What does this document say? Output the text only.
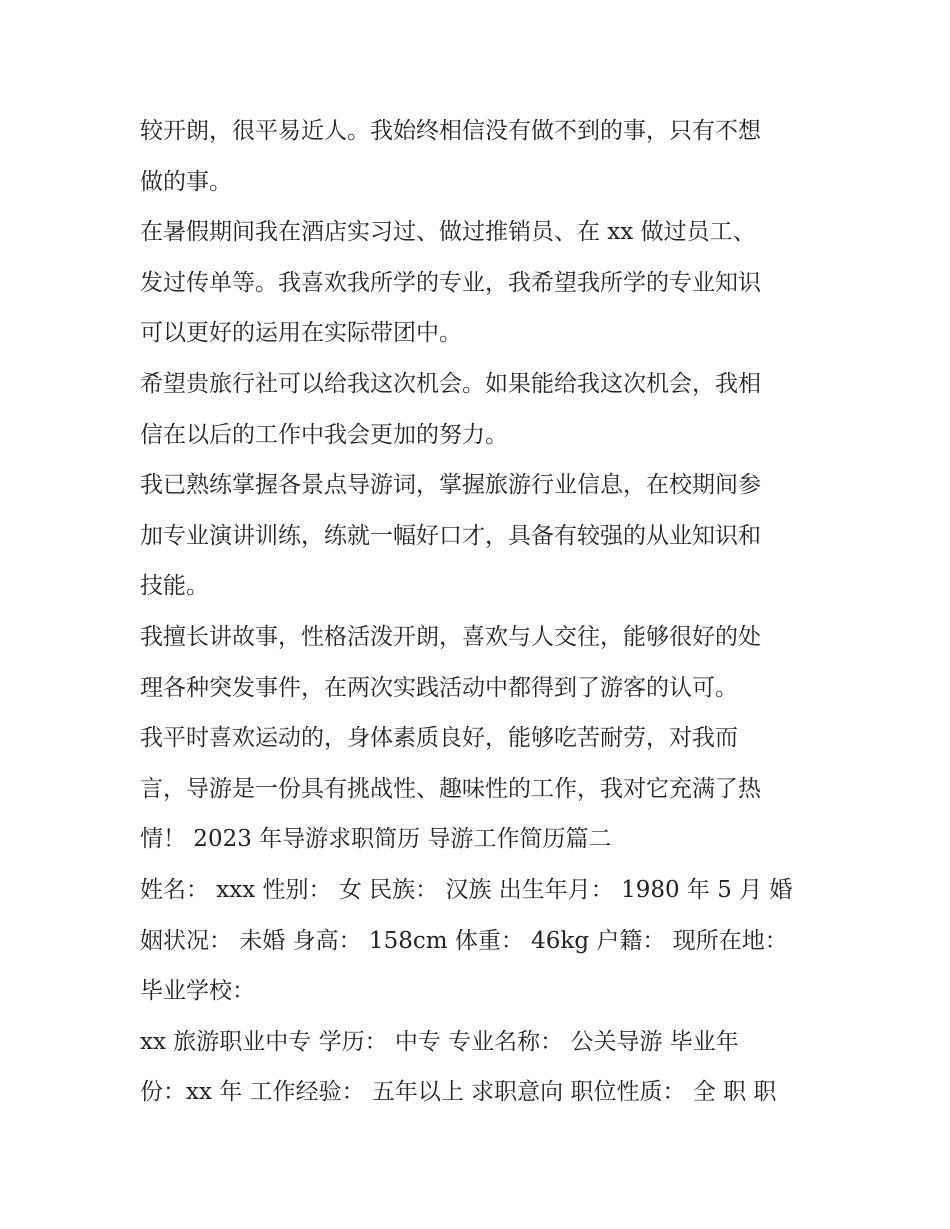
较开朗，很平易近人。我始终相信没有做不到的事，只有不想
做的事。
在暑假期间我在酒店实习过、做过推销员、在 xx 做过员工、
发过传单等。我喜欢我所学的专业，我希望我所学的专业知识
可以更好的运用在实际带团中。
希望贵旅行社可以给我这次机会。如果能给我这次机会，我相
信在以后的工作中我会更加的努力。
我已熟练掌握各景点导游词，掌握旅游行业信息，在校期间参
加专业演讲训练，练就一幅好口才，具备有较强的从业知识和
技能。
我擅长讲故事，性格活泼开朗，喜欢与人交往，能够很好的处
理各种突发事件，在两次实践活动中都得到了游客的认可。
我平时喜欢运动的，身体素质良好，能够吃苦耐劳，对我而
言，导游是一份具有挑战性、趣味性的工作，我对它充满了热
情！ 2023 年导游求职简历 导游工作简历篇二
姓名： xxx 性别： 女 民族： 汉族 出生年月： 1980 年 5 月 婚
姻状况： 未婚 身高： 158cm 体重： 46kg 户籍： 现所在地：
毕业学校：
xx 旅游职业中专 学历： 中专 专业名称： 公关导游 毕业年
份：xx 年 工作经验： 五年以上 求职意向 职位性质： 全 职 职
